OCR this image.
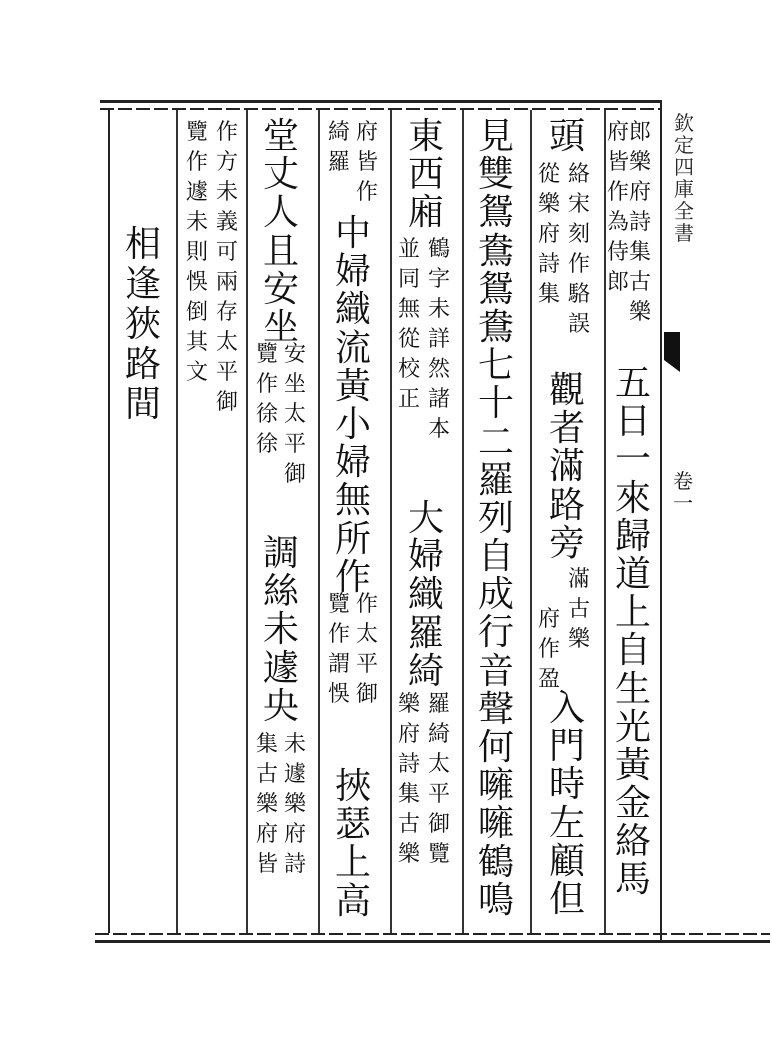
欽
定
四
庫
全
書
卷
一
郎
樂
府
詩
集
古
樂
府
皆
作
為
侍
郎
五
日
一
來
歸
道
上
自
生
光
黃
金
絡
馬
頭
絡
宋
刻
作
駱
誤
從
樂
府
詩
集
觀
者
滿
路
旁
滿
古
樂
府
作
盈
入
門
時
左
顧
但
見
雙
鴛
鴦
鴛
鴦
七
十
二
羅
列
自
成
行
音
聲
何
噰
噰
鶴
鳴
東
西
廂
鶴
字
未
詳
然
諸
本
並
同
無
從
校
正
大
婦
織
羅
綺
羅
綺
太
平
御
覽
樂
府
詩
集
古
樂
府
皆
作
綺
羅
中
婦
織
流
黃
小
婦
無
所
作
作
太
平
御
覽
作
謂
悞
挾
瑟
上
高
堂
丈
人
且
安
坐
安
坐
太
平
御
覽
作
徐
徐
調
絲
未
遽
央
未
遽
樂
府
詩
集
古
樂
府
皆
作
方
未
義
可
兩
存
太
平
御
覽
作
遽
未
則
悞
倒
其
文
相
逢
狹
路
間
